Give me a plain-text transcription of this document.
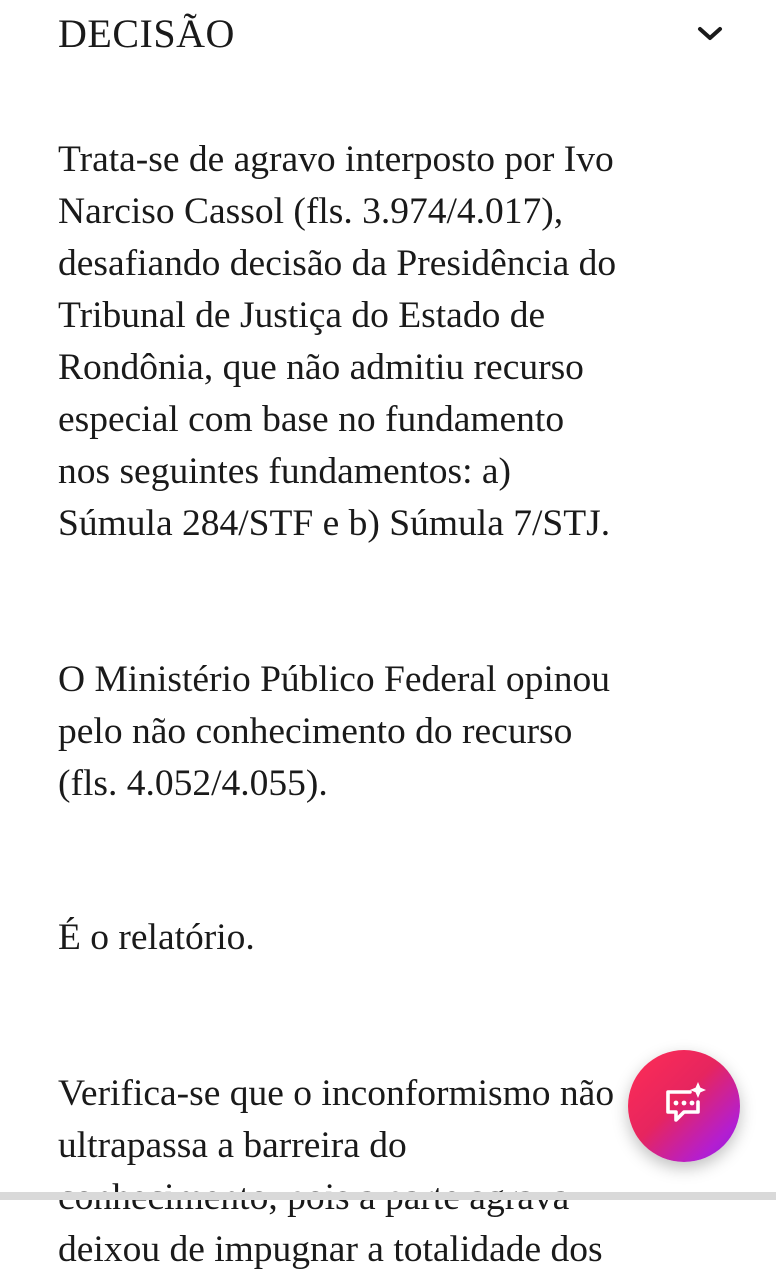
DECISÃO

Trata-se de agravo interposto por Ivo
Narciso Cassol (fls. 3.974/4.017),
desafiando decisão da Presidência do
Tribunal de Justiça do Estado de
Rondônia, que não admitiu recurso
especial com base no fundamento
nos seguintes fundamentos: a)
Súmula 284/STF e b) Súmula 7/STJ.

O Ministério Público Federal opinou
pelo não conhecimento do recurso
(fls. 4.052/4.055).

É o relatório.

Verifica-se que o inconformismo não
ultrapassa a barreira do
deixou de impugnar a totalidade dos
